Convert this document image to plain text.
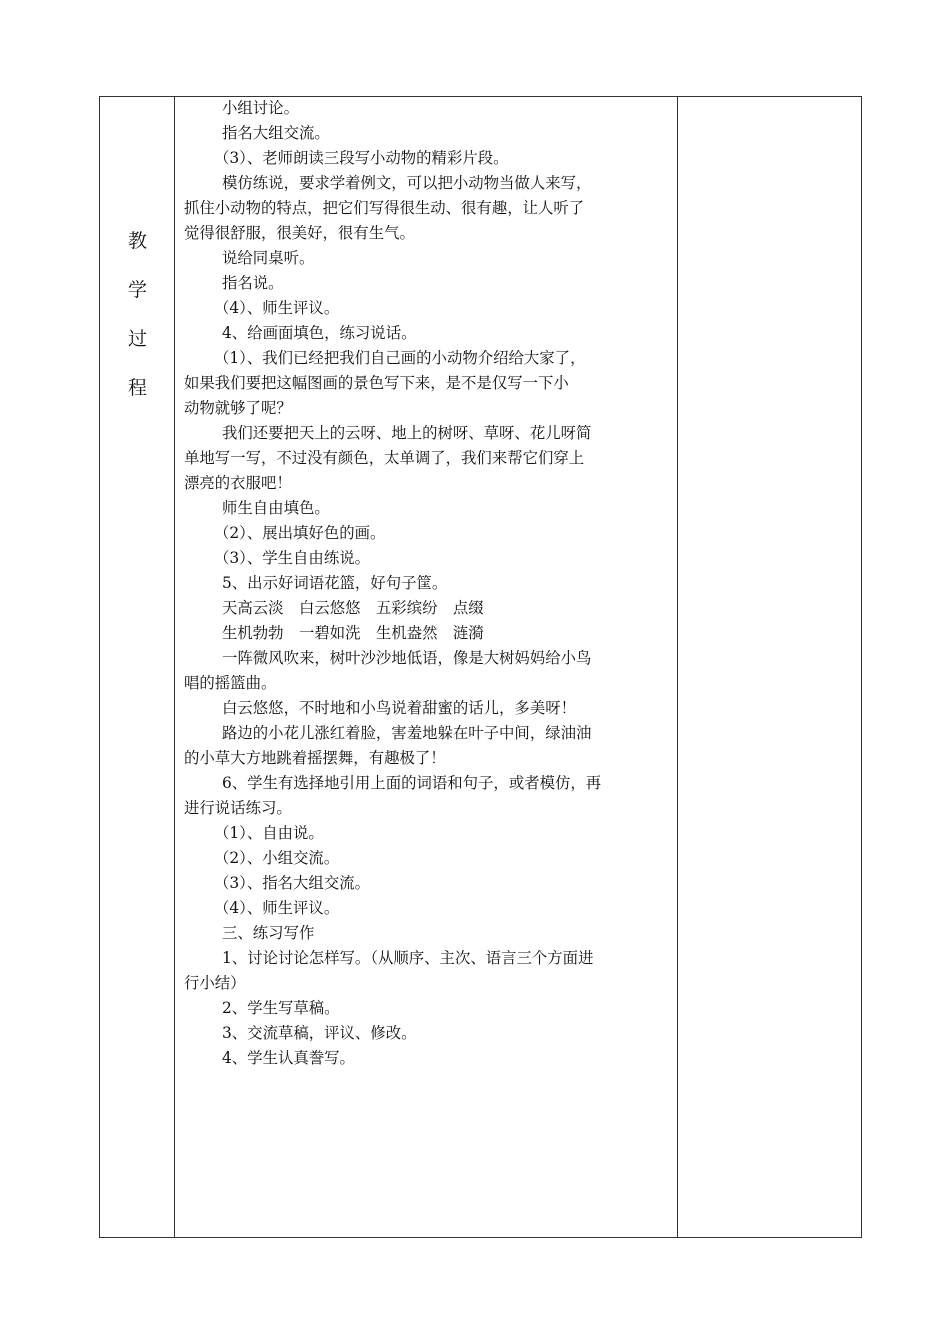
教
学
过
程
小组讨论。
指名大组交流。
（3）、老师朗读三段写小动物的精彩片段。
模仿练说，要求学着例文，可以把小动物当做人来写，
抓住小动物的特点，把它们写得很生动、很有趣，让人听了
觉得很舒服，很美好，很有生气。
说给同桌听。
指名说。
（4）、师生评议。
4、给画面填色，练习说话。
（1）、我们已经把我们自己画的小动物介绍给大家了，
如果我们要把这幅图画的景色写下来，是不是仅写一下小
动物就够了呢？
我们还要把天上的云呀、地上的树呀、草呀、花儿呀简
单地写一写，不过没有颜色，太单调了，我们来帮它们穿上
漂亮的衣服吧！
师生自由填色。
（2）、展出填好色的画。
（3）、学生自由练说。
5、出示好词语花篮，好句子筐。
天高云淡　白云悠悠　五彩缤纷　点缀
生机勃勃　一碧如洗　生机盎然　涟漪
一阵微风吹来，树叶沙沙地低语，像是大树妈妈给小鸟
唱的摇篮曲。
白云悠悠，不时地和小鸟说着甜蜜的话儿，多美呀！
路边的小花儿涨红着脸，害羞地躲在叶子中间，绿油油
的小草大方地跳着摇摆舞，有趣极了！
6、学生有选择地引用上面的词语和句子，或者模仿，再
进行说话练习。
（1）、自由说。
（2）、小组交流。
（3）、指名大组交流。
（4）、师生评议。
三、练习写作
1、讨论讨论怎样写。（从顺序、主次、语言三个方面进
行小结）
2、学生写草稿。
3、交流草稿，评议、修改。
4、学生认真誊写。
